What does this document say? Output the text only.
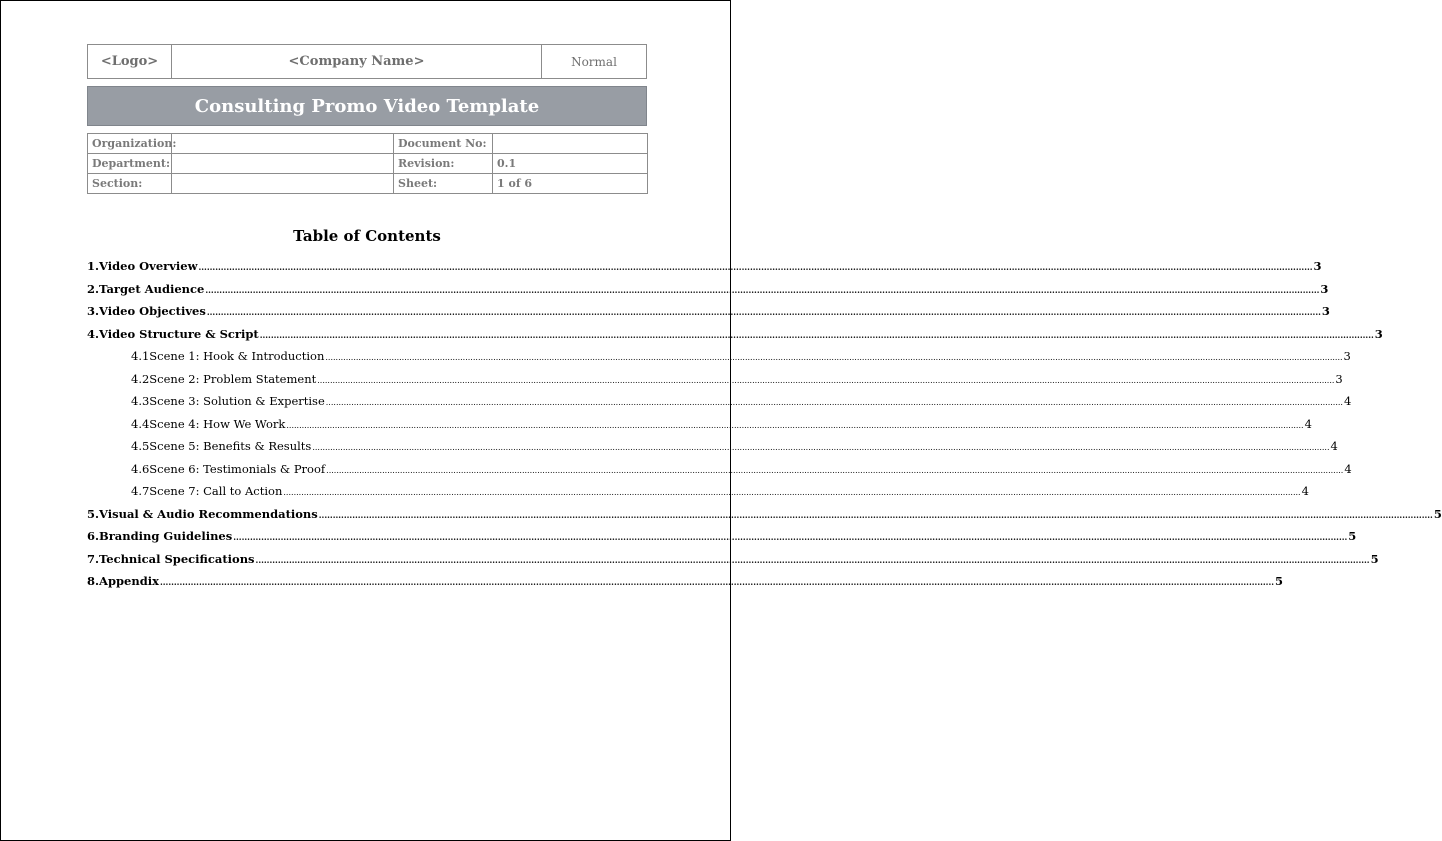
<Logo>	<Company Name>	Normal
Consulting Promo Video Template
Organization:		Document No:	
Department:		Revision:	0.1
Section:		Sheet:	1 of 6
Table of Contents
1. Video Overview ................................................................................................................................................................................................................................................................................................................................................................................................................ 3
2. Target Audience ................................................................................................................................................................................................................................................................................................................................................................................................................ 3
3. Video Objectives ................................................................................................................................................................................................................................................................................................................................................................................................................ 3
4. Video Structure & Script ................................................................................................................................................................................................................................................................................................................................................................................................................ 3
4.1 Scene 1: Hook & Introduction ................................................................................................................................................................................................................................................................................................................................................................................................................ 3
4.2 Scene 2: Problem Statement ................................................................................................................................................................................................................................................................................................................................................................................................................ 3
4.3 Scene 3: Solution & Expertise ................................................................................................................................................................................................................................................................................................................................................................................................................ 4
4.4 Scene 4: How We Work ................................................................................................................................................................................................................................................................................................................................................................................................................ 4
4.5 Scene 5: Benefits & Results ................................................................................................................................................................................................................................................................................................................................................................................................................ 4
4.6 Scene 6: Testimonials & Proof ................................................................................................................................................................................................................................................................................................................................................................................................................ 4
4.7 Scene 7: Call to Action ................................................................................................................................................................................................................................................................................................................................................................................................................ 4
5. Visual & Audio Recommendations ................................................................................................................................................................................................................................................................................................................................................................................................................ 5
6. Branding Guidelines ................................................................................................................................................................................................................................................................................................................................................................................................................ 5
7. Technical Specifications ................................................................................................................................................................................................................................................................................................................................................................................................................ 5
8. Appendix ................................................................................................................................................................................................................................................................................................................................................................................................................ 5
